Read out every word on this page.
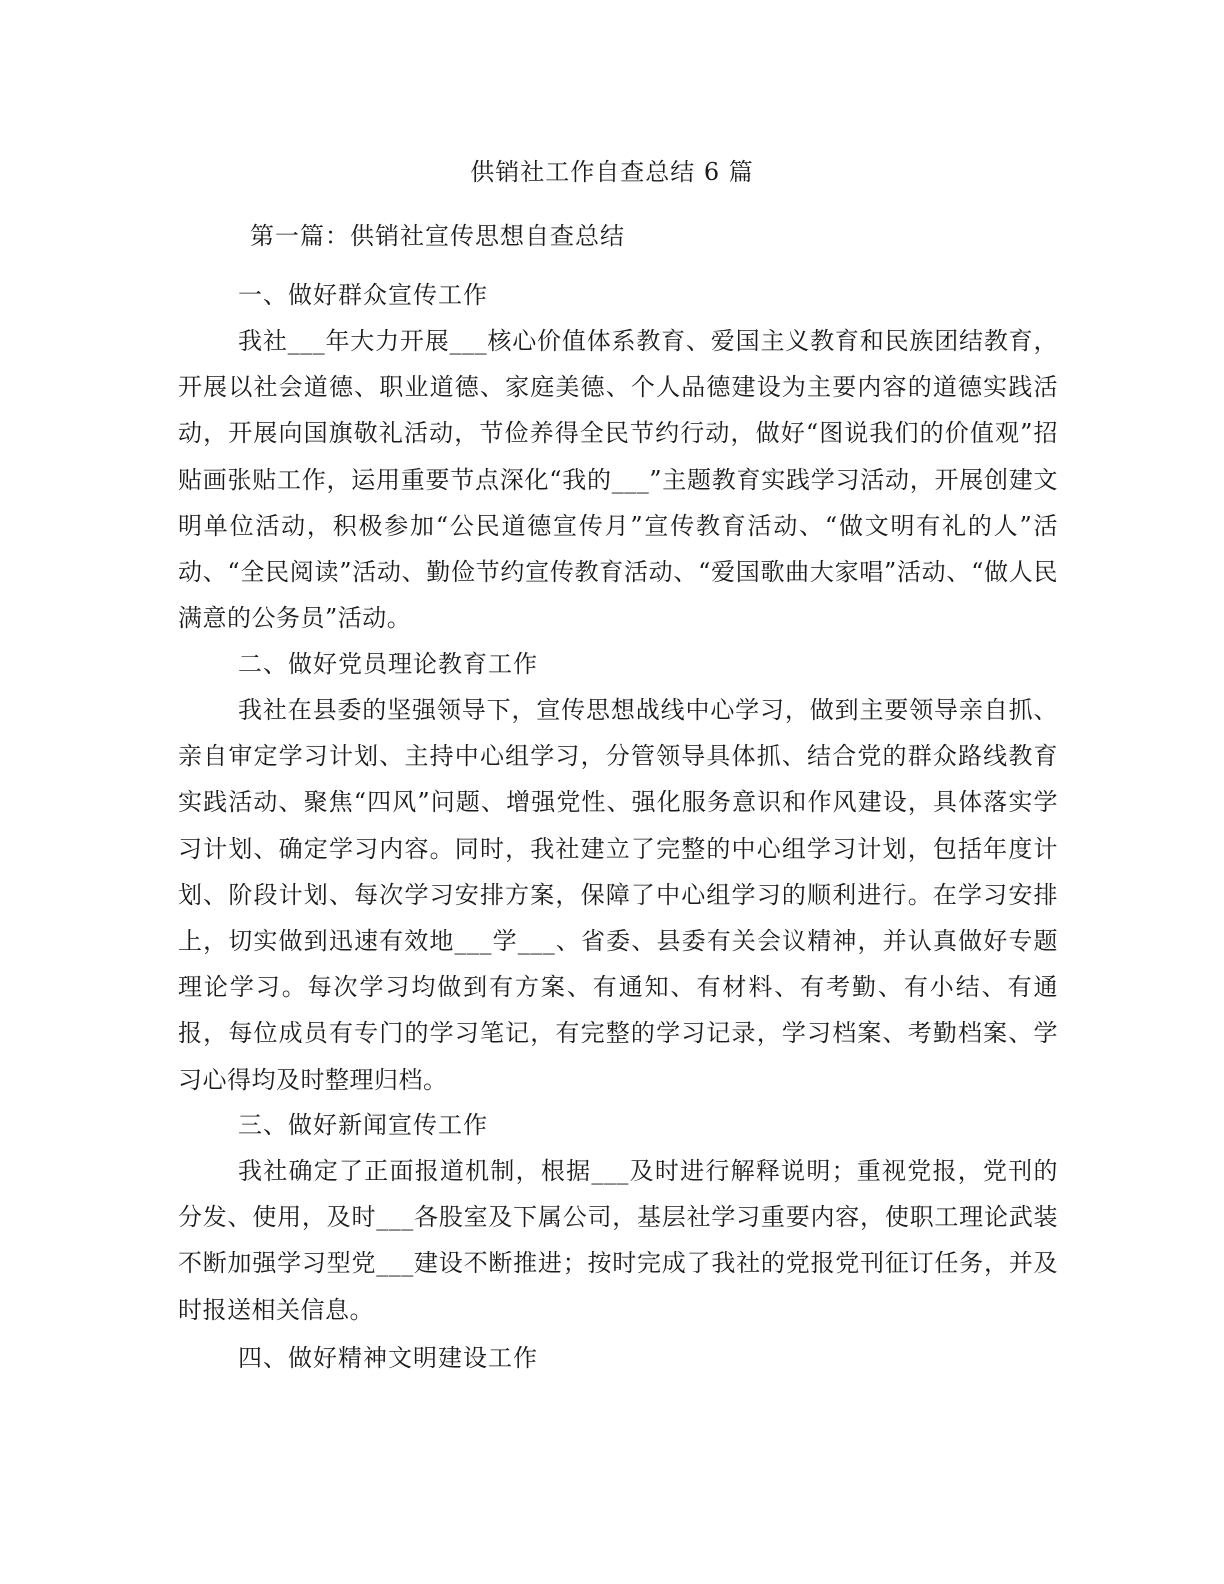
供销社工作自查总结 6 篇
第一篇：供销社宣传思想自查总结
一、做好群众宣传工作
我社___年大力开展___核心价值体系教育、爱国主义教育和民族团结教育，开展以社会道德、职业道德、家庭美德、个人品德建设为主要内容的道德实践活动，开展向国旗敬礼活动，节俭养得全民节约行动，做好“图说我们的价值观”招贴画张贴工作，运用重要节点深化“我的___”主题教育实践学习活动，开展创建文明单位活动，积极参加“公民道德宣传月”宣传教育活动、“做文明有礼的人”活动、“全民阅读”活动、勤俭节约宣传教育活动、“爱国歌曲大家唱”活动、“做人民满意的公务员”活动。
二、做好党员理论教育工作
我社在县委的坚强领导下，宣传思想战线中心学习，做到主要领导亲自抓、亲自审定学习计划、主持中心组学习，分管领导具体抓、结合党的群众路线教育实践活动、聚焦“四风”问题、增强党性、强化服务意识和作风建设，具体落实学习计划、确定学习内容。同时，我社建立了完整的中心组学习计划，包括年度计划、阶段计划、每次学习安排方案，保障了中心组学习的顺利进行。在学习安排上，切实做到迅速有效地___学___、省委、县委有关会议精神，并认真做好专题理论学习。每次学习均做到有方案、有通知、有材料、有考勤、有小结、有通报，每位成员有专门的学习笔记，有完整的学习记录，学习档案、考勤档案、学习心得均及时整理归档。
三、做好新闻宣传工作
我社确定了正面报道机制，根据___及时进行解释说明；重视党报，党刊的分发、使用，及时___各股室及下属公司，基层社学习重要内容，使职工理论武装不断加强学习型党___建设不断推进；按时完成了我社的党报党刊征订任务，并及时报送相关信息。
四、做好精神文明建设工作
